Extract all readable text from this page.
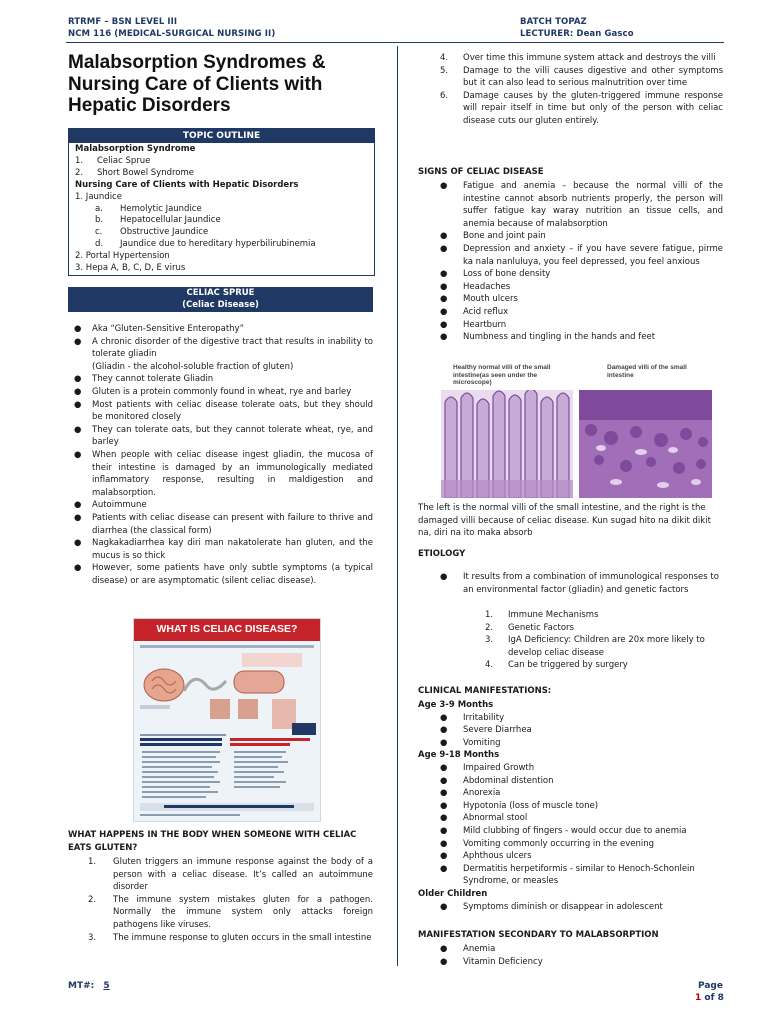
RTRMF – BSN LEVEL III
NCM 116 (MEDICAL-SURGICAL NURSING II)
BATCH TOPAZ
LECTURER: Dean Gasco
Malabsorption Syndromes & Nursing Care of Clients with Hepatic Disorders
TOPIC OUTLINE
Malabsorption Syndrome
1. Celiac Sprue
2. Short Bowel Syndrome
Nursing Care of Clients with Hepatic Disorders
1. Jaundice
a. Hemolytic Jaundice
b. Hepatocellular Jaundice
c. Obstructive Jaundice
d. Jaundice due to hereditary hyperbilirubinemia
2. Portal Hypertension
3. Hepa A, B, C, D, E virus
CELIAC SPRUE
(Celiac Disease)
● Aka “Gluten-Sensitive Enteropathy”
● A chronic disorder of the digestive tract that results in inability to tolerate gliadin
(Gliadin - the alcohol-soluble fraction of gluten)
● They cannot tolerate Gliadin
● Gluten is a protein commonly found in wheat, rye and barley
● Most patients with celiac disease tolerate oats, but they should be monitored closely
● They can tolerate oats, but they cannot tolerate wheat, rye, and barley
● When people with celiac disease ingest gliadin, the mucosa of their intestine is damaged by an immunologically mediated inflammatory response, resulting in maldigestion and malabsorption.
● Autoimmune
● Patients with celiac disease can present with failure to thrive and diarrhea (the classical form)
● Nagkakadiarrhea kay diri man nakatolerate han gluten, and the mucus is so thick
● However, some patients have only subtle symptoms (a typical disease) or are asymptomatic (silent celiac disease).
WHAT IS CELIAC DISEASE?
WHAT HAPPENS IN THE BODY WHEN SOMEONE WITH CELIAC EATS GLUTEN?
1. Gluten triggers an immune response against the body of a person with a celiac disease. It’s called an autoimmune disorder
2. The immune system mistakes gluten for a pathogen. Normally the immune system only attacks foreign pathogens like viruses.
3. The immune response to gluten occurs in the small intestine
4. Over time this immune system attack and destroys the villi
5. Damage to the villi causes digestive and other symptoms but it can also lead to serious malnutrition over time
6. Damage causes by the gluten-triggered immune response will repair itself in time but only of the person with celiac disease cuts our gluten entirely.
SIGNS OF CELIAC DISEASE
● Fatigue and anemia – because the normal villi of the intestine cannot absorb nutrients properly, the person will suffer fatigue kay waray nutrition an tissue cells, and anemia because of malabsorption
● Bone and joint pain
● Depression and anxiety – if you have severe fatigue, pirme ka nala nanluluya, you feel depressed, you feel anxious
● Loss of bone density
● Headaches
● Mouth ulcers
● Acid reflux
● Heartburn
● Numbness and tingling in the hands and feet
Healthy normal villi of the small intestine(as seen under the microscope)
Damaged villi of the small intestine
The left is the normal villi of the small intestine, and the right is the damaged villi because of celiac disease. Kun sugad hito na dikit dikit na, diri na ito maka absorb
ETIOLOGY
● It results from a combination of immunological responses to an environmental factor (gliadin) and genetic factors
1. Immune Mechanisms
2. Genetic Factors
3. IgA Deficiency: Children are 20x more likely to develop celiac disease
4. Can be triggered by surgery
CLINICAL MANIFESTATIONS:
Age 3-9 Months
● Irritability
● Severe Diarrhea
● Vomiting
Age 9-18 Months
● Impaired Growth
● Abdominal distention
● Anorexia
● Hypotonia (loss of muscle tone)
● Abnormal stool
● Mild clubbing of fingers - would occur due to anemia
● Vomiting commonly occurring in the evening
● Aphthous ulcers
● Dermatitis herpetiformis - similar to Henoch-Schonlein Syndrome, or measles
Older Children
● Symptoms diminish or disappear in adolescent
MANIFESTATION SECONDARY TO MALABSORPTION
● Anemia
● Vitamin Deficiency
MT#: 5	Page
1 of 8
